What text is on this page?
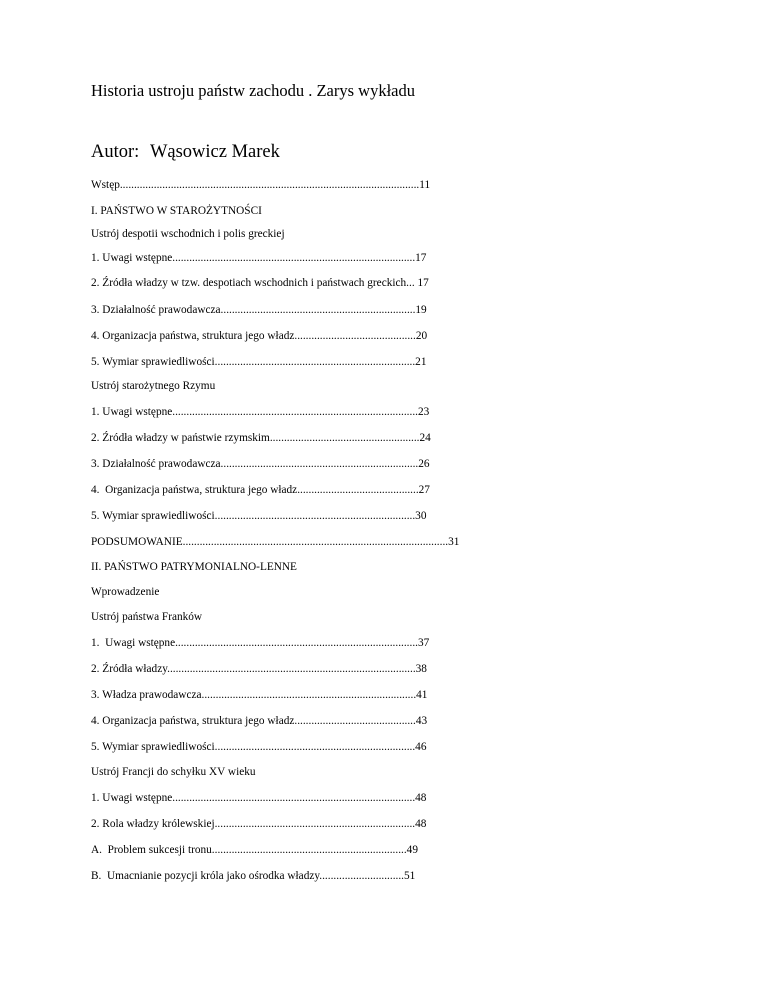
Historia ustroju państw zachodu . Zarys wykładu
Autor: Wąsowicz Marek
Wstęp..........................................................................................................11
I. PAŃSTWO W STAROŻYTNOŚCI
Ustrój despotii wschodnich i polis greckiej
1. Uwagi wstępne......................................................................................17
2. Źródła władzy w tzw. despotiach wschodnich i państwach greckich... 17
3. Działalność prawodawcza.....................................................................19
4. Organizacja państwa, struktura jego władz...........................................20
5. Wymiar sprawiedliwości.......................................................................21
Ustrój starożytnego Rzymu
1. Uwagi wstępne.......................................................................................23
2. Źródła władzy w państwie rzymskim.....................................................24
3. Działalność prawodawcza......................................................................26
4.  Organizacja państwa, struktura jego władz...........................................27
5. Wymiar sprawiedliwości.......................................................................30
PODSUMOWANIE..............................................................................................31
II. PAŃSTWO PATRYMONIALNO-LENNE
Wprowadzenie
Ustrój państwa Franków
1.  Uwagi wstępne......................................................................................37
2. Źródła władzy........................................................................................38
3. Władza prawodawcza............................................................................41
4. Organizacja państwa, struktura jego władz...........................................43
5. Wymiar sprawiedliwości.......................................................................46
Ustrój Francji do schyłku XV wieku
1. Uwagi wstępne......................................................................................48
2. Rola władzy królewskiej.......................................................................48
A.  Problem sukcesji tronu.....................................................................49
B.  Umacnianie pozycji króla jako ośrodka władzy..............................51
